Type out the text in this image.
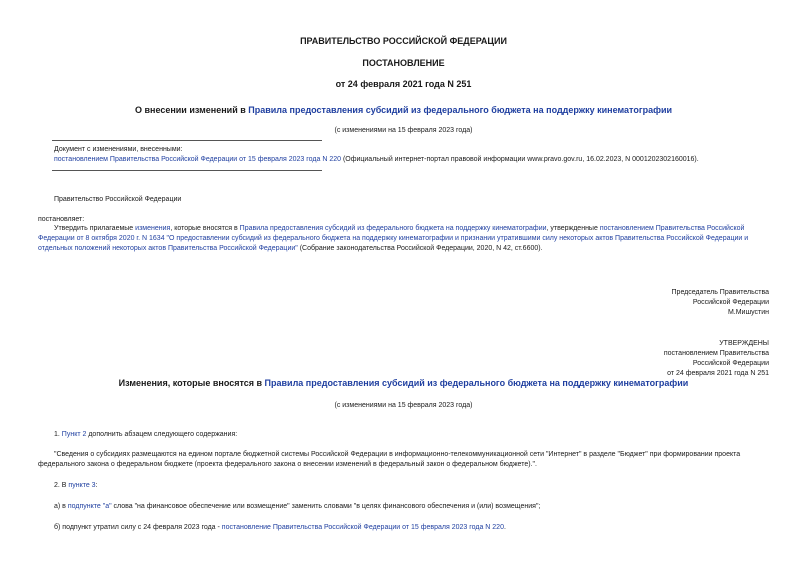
ПРАВИТЕЛЬСТВО РОССИЙСКОЙ ФЕДЕРАЦИИ
ПОСТАНОВЛЕНИЕ
от 24 февраля 2021 года N 251
О внесении изменений в Правила предоставления субсидий из федерального бюджета на поддержку кинематографии
(с изменениями на 15 февраля 2023 года)
Документ с изменениями, внесенными:
постановлением Правительства Российской Федерации от 15 февраля 2023 года N 220 (Официальный интернет-портал правовой информации www.pravo.gov.ru, 16.02.2023, N 0001202302160016).
Правительство Российской Федерации
постановляет:
Утвердить прилагаемые изменения, которые вносятся в Правила предоставления субсидий из федерального бюджета на поддержку кинематографии, утвержденные постановлением Правительства Российской Федерации от 8 октября 2020 г. N 1634 "О предоставлении субсидий из федерального бюджета на поддержку кинематографии и признании утратившими силу некоторых актов Правительства Российской Федерации и отдельных положений некоторых актов Правительства Российской Федерации" (Собрание законодательства Российской Федерации, 2020, N 42, ст.6600).
Председатель Правительства
Российской Федерации
М.Мишустин
УТВЕРЖДЕНЫ
постановлением Правительства
Российской Федерации
от 24 февраля 2021 года N 251
Изменения, которые вносятся в Правила предоставления субсидий из федерального бюджета на поддержку кинематографии
(с изменениями на 15 февраля 2023 года)
1. Пункт 2 дополнить абзацем следующего содержания:
"Сведения о субсидиях размещаются на едином портале бюджетной системы Российской Федерации в информационно-телекоммуникационной сети "Интернет" в разделе "Бюджет" при формировании проекта федерального закона о федеральном бюджете (проекта федерального закона о внесении изменений в федеральный закон о федеральном бюджете).".
2. В пункте 3:
а) в подпункте "а" слова "на финансовое обеспечение или возмещение" заменить словами "в целях финансового обеспечения и (или) возмещения";
б) подпункт утратил силу с 24 февраля 2023 года - постановление Правительства Российской Федерации от 15 февраля 2023 года N 220.
